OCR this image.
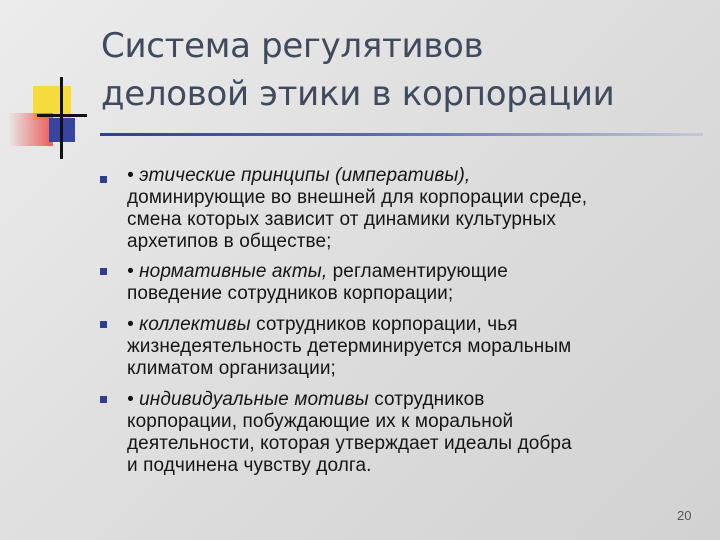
Система регулятивов
деловой этики в корпорации
• этические принципы (императивы),
доминирующие во внешней для корпорации среде,
смена которых зависит от динамики культурных
архетипов в обществе;
• нормативные акты, регламентирующие
поведение сотрудников корпорации;
• коллективы сотрудников корпорации, чья
жизнедеятельность детерминируется моральным
климатом организации;
• индивидуальные мотивы сотрудников
корпорации, побуждающие их к моральной
деятельности, которая утверждает идеалы добра
и подчинена чувству долга.
20
